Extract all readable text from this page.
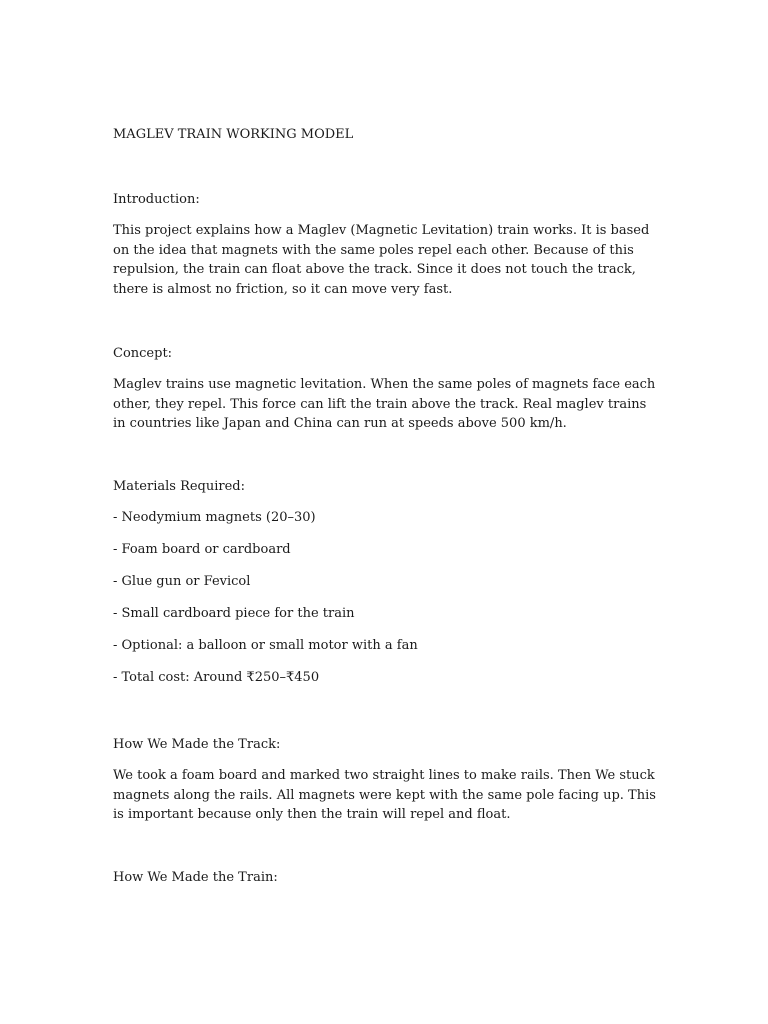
MAGLEV TRAIN WORKING MODEL
Introduction:

This project explains how a Maglev (Magnetic Levitation) train works. It is based on the idea that magnets with the same poles repel each other. Because of this repulsion, the train can float above the track. Since it does not touch the track, there is almost no friction, so it can move very fast.

Concept:

Maglev trains use magnetic levitation. When the same poles of magnets face each other, they repel. This force can lift the train above the track. Real maglev trains in countries like Japan and China can run at speeds above 500 km/h.

Materials Required:
- Neodymium magnets (20–30)
- Foam board or cardboard
- Glue gun or Fevicol
- Small cardboard piece for the train
- Optional: a balloon or small motor with a fan
- Total cost: Around ₹250–₹450
How We Made the Track:

We took a foam board and marked two straight lines to make rails. Then We stuck magnets along the rails. All magnets were kept with the same pole facing up. This is important because only then the train will repel and float.

How We Made the Train:
